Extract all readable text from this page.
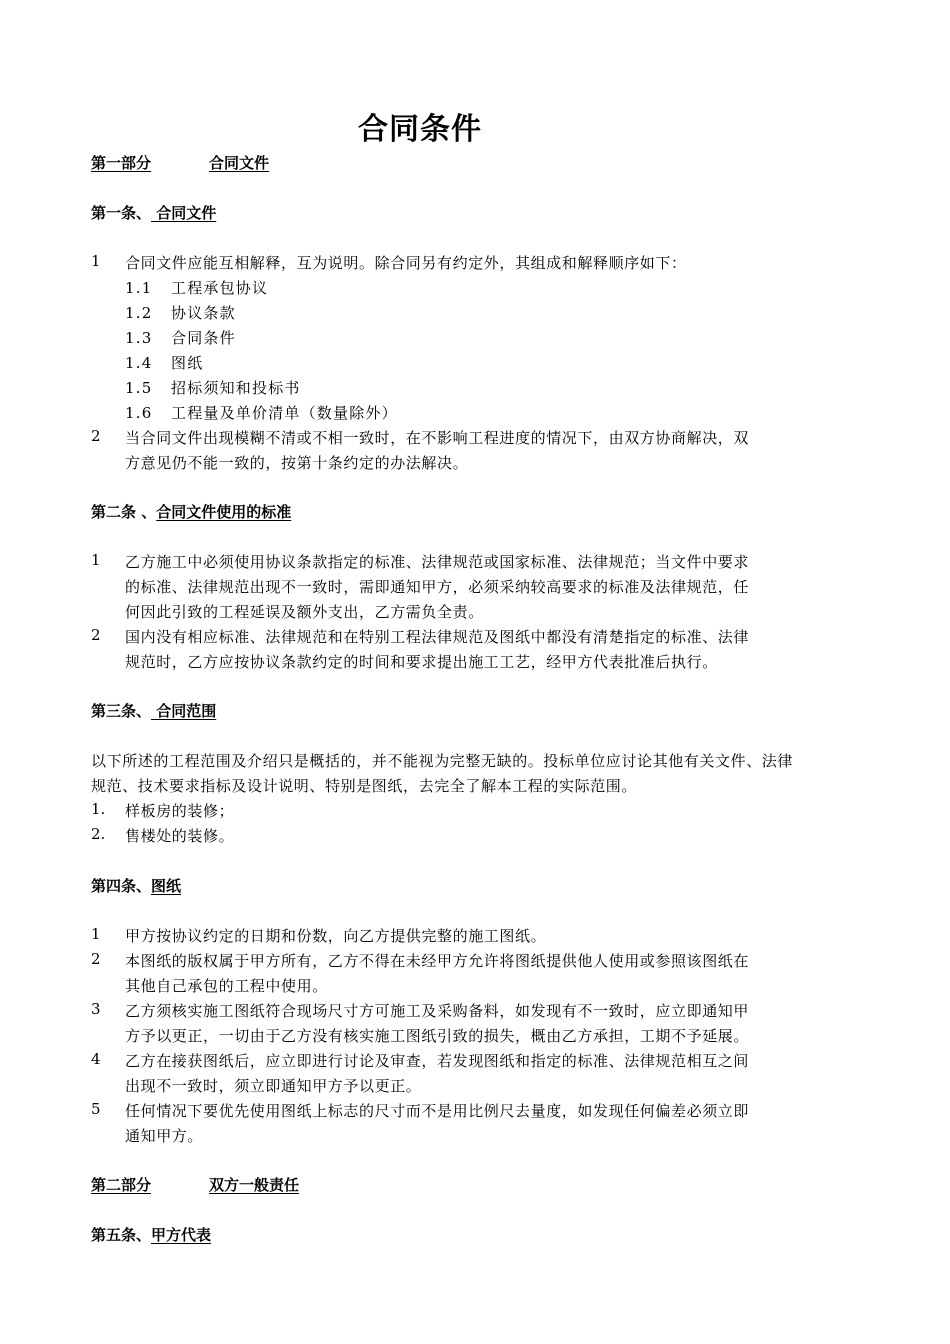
合同条件
第一部分	合同文件
第一条、 合同文件
1 合同文件应能互相解释，互为说明。除合同另有约定外，其组成和解释顺序如下：
1.1 工程承包协议
1.2 协议条款
1.3 合同条件
1.4 图纸
1.5 招标须知和投标书
1.6 工程量及单价清单（数量除外）
2 当合同文件出现模糊不清或不相一致时，在不影响工程进度的情况下，由双方协商解决，双
方意见仍不能一致的，按第十条约定的办法解决。
第二条 、合同文件使用的标准
1 乙方施工中必须使用协议条款指定的标准、法律规范或国家标准、法律规范；当文件中要求
的标准、法律规范出现不一致时，需即通知甲方，必须采纳较高要求的标准及法律规范，任
何因此引致的工程延误及额外支出，乙方需负全责。
2 国内没有相应标准、法律规范和在特别工程法律规范及图纸中都没有清楚指定的标准、法律
规范时，乙方应按协议条款约定的时间和要求提出施工工艺，经甲方代表批准后执行。
第三条、 合同范围
以下所述的工程范围及介绍只是概括的，并不能视为完整无缺的。投标单位应讨论其他有关文件、法律
规范、技术要求指标及设计说明、特别是图纸，去完全了解本工程的实际范围。
1. 样板房的装修；
2. 售楼处的装修。
第四条、图纸
1 甲方按协议约定的日期和份数，向乙方提供完整的施工图纸。
2 本图纸的版权属于甲方所有，乙方不得在未经甲方允许将图纸提供他人使用或参照该图纸在
其他自己承包的工程中使用。
3 乙方须核实施工图纸符合现场尺寸方可施工及采购备料，如发现有不一致时，应立即通知甲
方予以更正，一切由于乙方没有核实施工图纸引致的损失，概由乙方承担，工期不予延展。
4 乙方在接获图纸后，应立即进行讨论及审查，若发现图纸和指定的标准、法律规范相互之间
出现不一致时，须立即通知甲方予以更正。
5 任何情况下要优先使用图纸上标志的尺寸而不是用比例尺去量度，如发现任何偏差必须立即
通知甲方。
第二部分	双方一般责任
第五条、甲方代表
